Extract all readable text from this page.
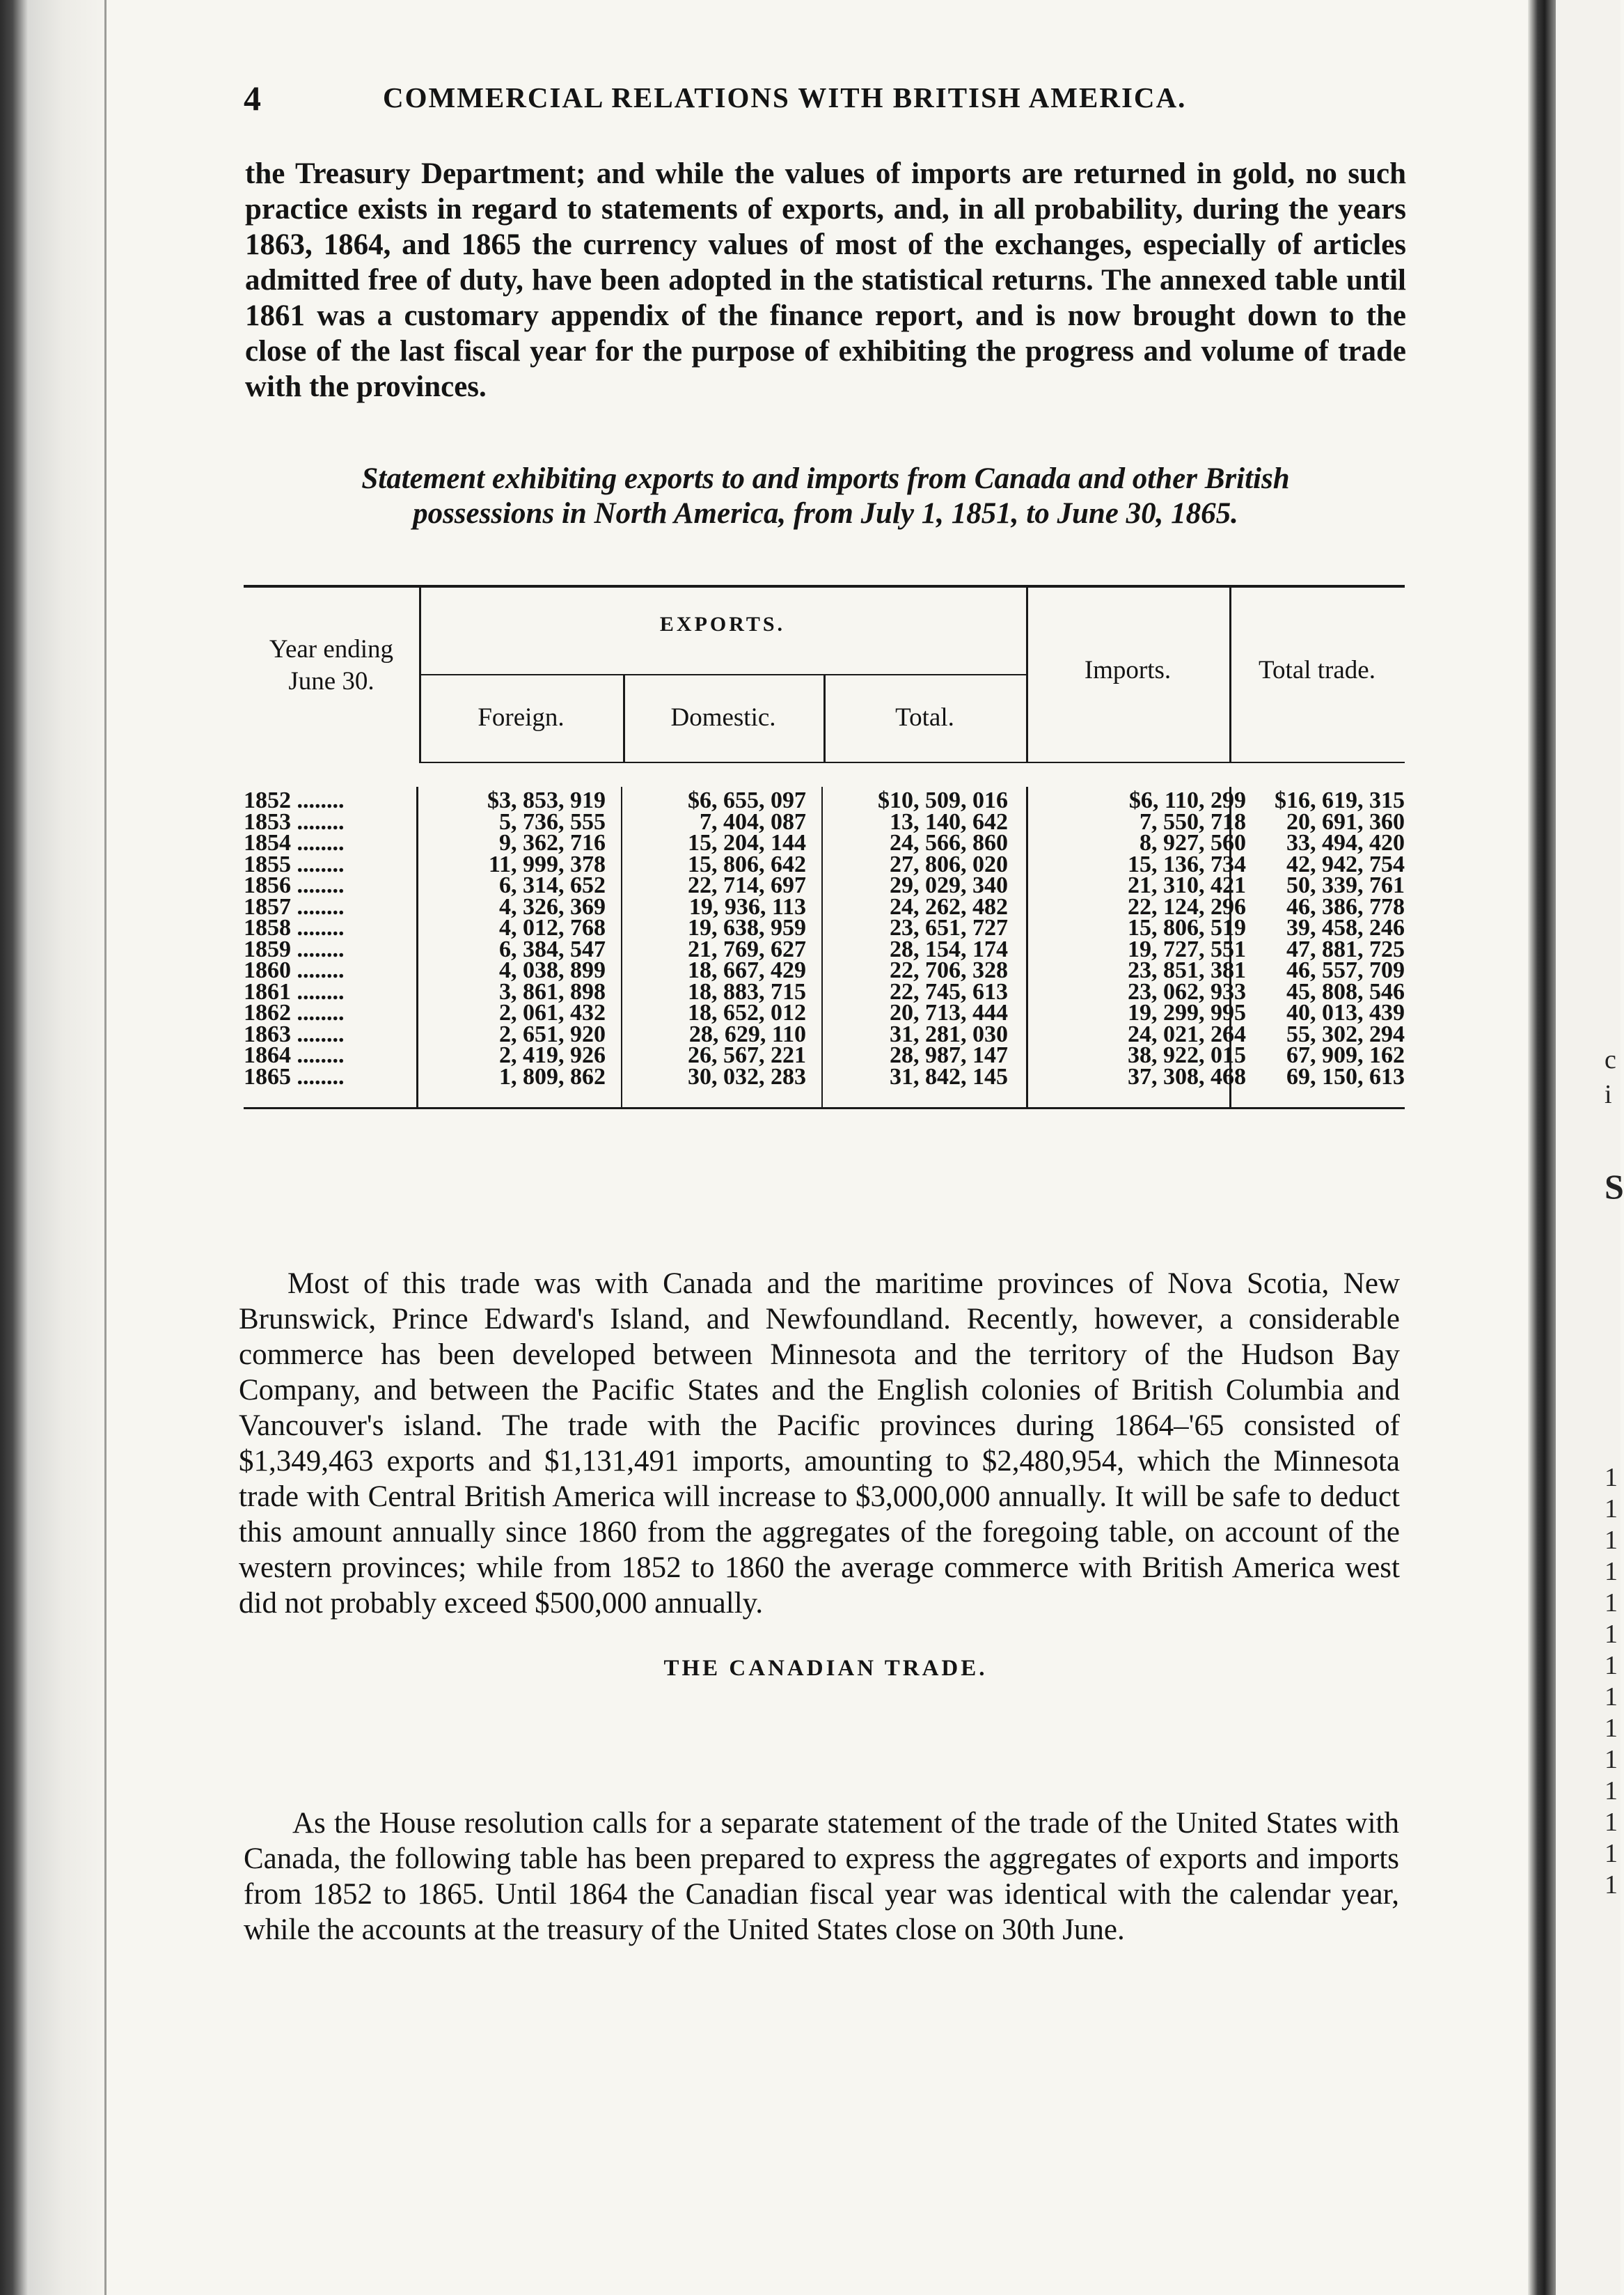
c
i
S
1
1
1
1
1
1
1
1
1
1
1
1
1
1
4	COMMERCIAL RELATIONS WITH BRITISH AMERICA.

the Treasury Department; and while the values of imports are returned in gold, no such practice exists in regard to statements of exports, and, in all probability, during the years 1863, 1864, and 1865 the currency values of most of the exchanges, especially of articles admitted free of duty, have been adopted in the statistical returns. The annexed table until 1861 was a customary appendix of the finance report, and is now brought down to the close of the last fiscal year for the purpose of exhibiting the progress and volume of trade with the provinces.

Statement exhibiting exports to and imports from Canada and other British
possessions in North America, from July 1, 1851, to June 30, 1865.
Year ending
June 30.
EXPORTS.
Foreign.	Domestic.	Total.
Imports.	Total trade.
1852 ........	$3, 853, 919	$6, 655, 097	$10, 509, 016	$6, 110, 299	$16, 619, 315
1853 ........	5, 736, 555	7, 404, 087	13, 140, 642	7, 550, 718	20, 691, 360
1854 ........	9, 362, 716	15, 204, 144	24, 566, 860	8, 927, 560	33, 494, 420
1855 ........	11, 999, 378	15, 806, 642	27, 806, 020	15, 136, 734	42, 942, 754
1856 ........	6, 314, 652	22, 714, 697	29, 029, 340	21, 310, 421	50, 339, 761
1857 ........	4, 326, 369	19, 936, 113	24, 262, 482	22, 124, 296	46, 386, 778
1858 ........	4, 012, 768	19, 638, 959	23, 651, 727	15, 806, 519	39, 458, 246
1859 ........	6, 384, 547	21, 769, 627	28, 154, 174	19, 727, 551	47, 881, 725
1860 ........	4, 038, 899	18, 667, 429	22, 706, 328	23, 851, 381	46, 557, 709
1861 ........	3, 861, 898	18, 883, 715	22, 745, 613	23, 062, 933	45, 808, 546
1862 ........	2, 061, 432	18, 652, 012	20, 713, 444	19, 299, 995	40, 013, 439
1863 ........	2, 651, 920	28, 629, 110	31, 281, 030	24, 021, 264	55, 302, 294
1864 ........	2, 419, 926	26, 567, 221	28, 987, 147	38, 922, 015	67, 909, 162
1865 ........	1, 809, 862	30, 032, 283	31, 842, 145	37, 308, 468	69, 150, 613

Most of this trade was with Canada and the maritime provinces of Nova Scotia, New Brunswick, Prince Edward's Island, and Newfoundland. Recently, however, a considerable commerce has been developed between Minnesota and the territory of the Hudson Bay Company, and between the Pacific States and the English colonies of British Columbia and Vancouver's island. The trade with the Pacific provinces during 1864–'65 consisted of $1,349,463 exports and $1,131,491 imports, amounting to $2,480,954, which the Minnesota trade with Central British America will increase to $3,000,000 annually. It will be safe to deduct this amount annually since 1860 from the aggregates of the foregoing table, on account of the western provinces; while from 1852 to 1860 the average commerce with British America west did not probably exceed $500,000 annually.

THE CANADIAN TRADE.

As the House resolution calls for a separate statement of the trade of the United States with Canada, the following table has been prepared to express the aggregates of exports and imports from 1852 to 1865. Until 1864 the Canadian fiscal year was identical with the calendar year, while the accounts at the treasury of the United States close on 30th June.
